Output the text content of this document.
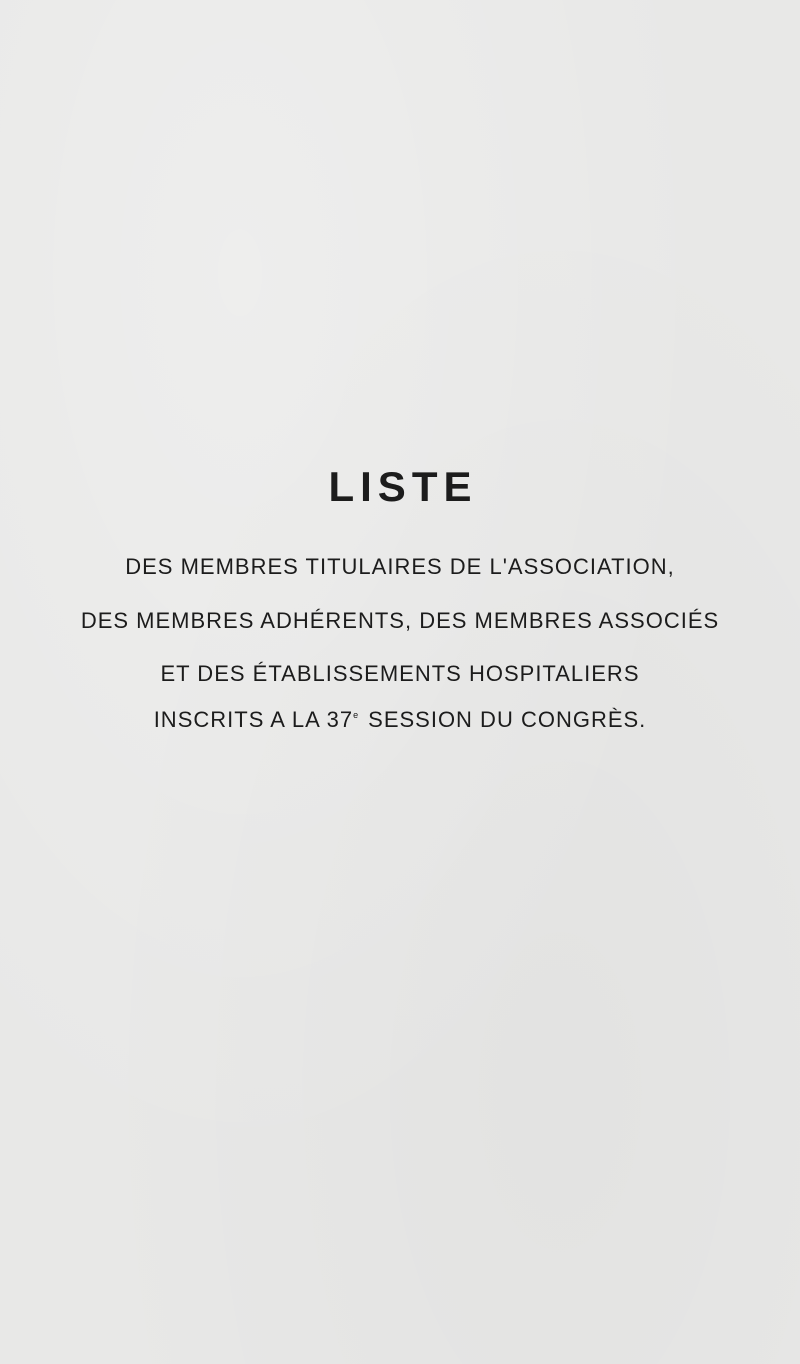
LISTE
DES MEMBRES TITULAIRES DE L'ASSOCIATION,
DES MEMBRES ADHÉRENTS, DES MEMBRES ASSOCIÉS
ET DES ÉTABLISSEMENTS HOSPITALIERS
INSCRITS A LA 37e SESSION DU CONGRÈS.
